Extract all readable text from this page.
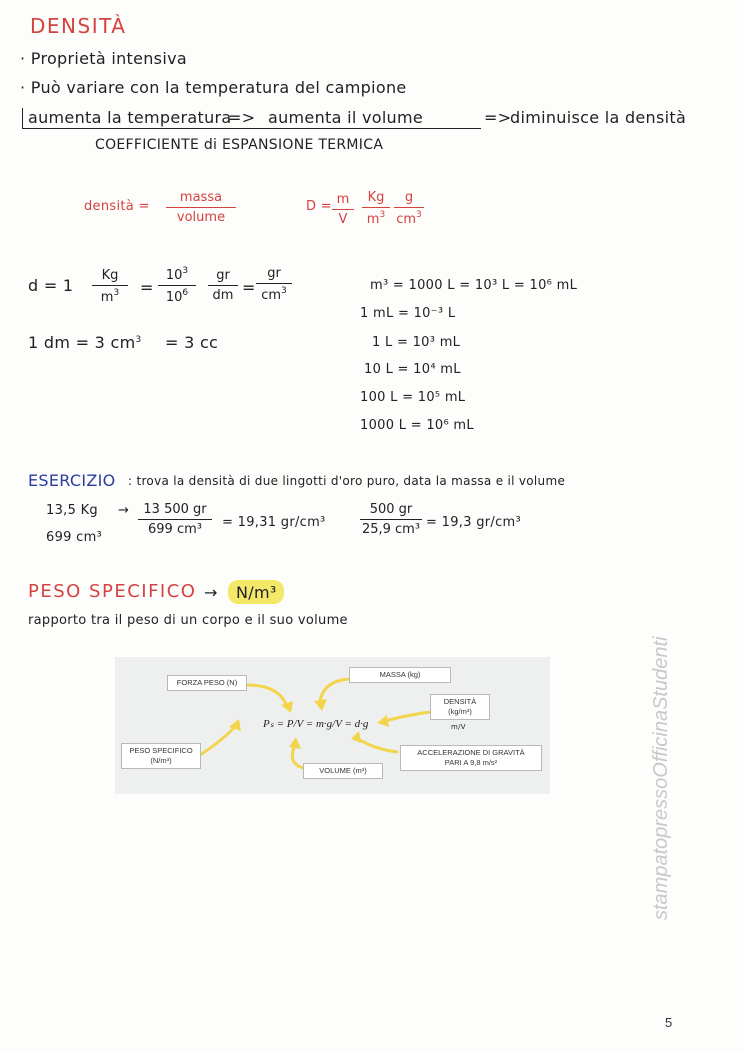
DENSITÀ
· Proprietà intensiva
· Può variare con la temperatura del campione
aumenta la temperatura
=> aumenta il volume	=>
diminuisce la densità
COEFFICIENTE di ESPANSIONE TERMICA
densità =
massa
volume
D = m
V
Kg
$m^3$
g
$cm^3$
d = 1
Kg
$m^3$	=
$10^3$
$10^6$
gr
dm =
gr
$cm^3$
1 dm = 3 $cm^3 = 3$ cc
m³ = 1000 L = 10³ L = 10⁶ mL
1 mL = 10⁻³ L
1 L = 10³ mL
10 L = 10⁴ mL
100 L = 10⁵ mL
1000 L = 10⁶ mL
ESERCIZIO : trova la densità di due lingotti d'oro puro, data la massa e il volume
13,5 Kg
699 cm³
→	13 500 gr
699 cm³	= 19,31 gr/cm³
500 gr
25,9 cm³ = 19,3 gr/cm³
PESO SPECIFICO → N/m³
rapporto tra il peso di un corpo e il suo volume
FORZA PESO (N)
MASSA (kg)
DENSITÀ
(kg/m³)
m/V
PESO SPECIFICO
(N/m³)
VOLUME (m³)
ACCELERAZIONE DI GRAVITÀ
PARI A 9,8 m/s²
Pₛ = P/V = m·g/V = d·g	stampatopressoOfficinaStudenti
5
